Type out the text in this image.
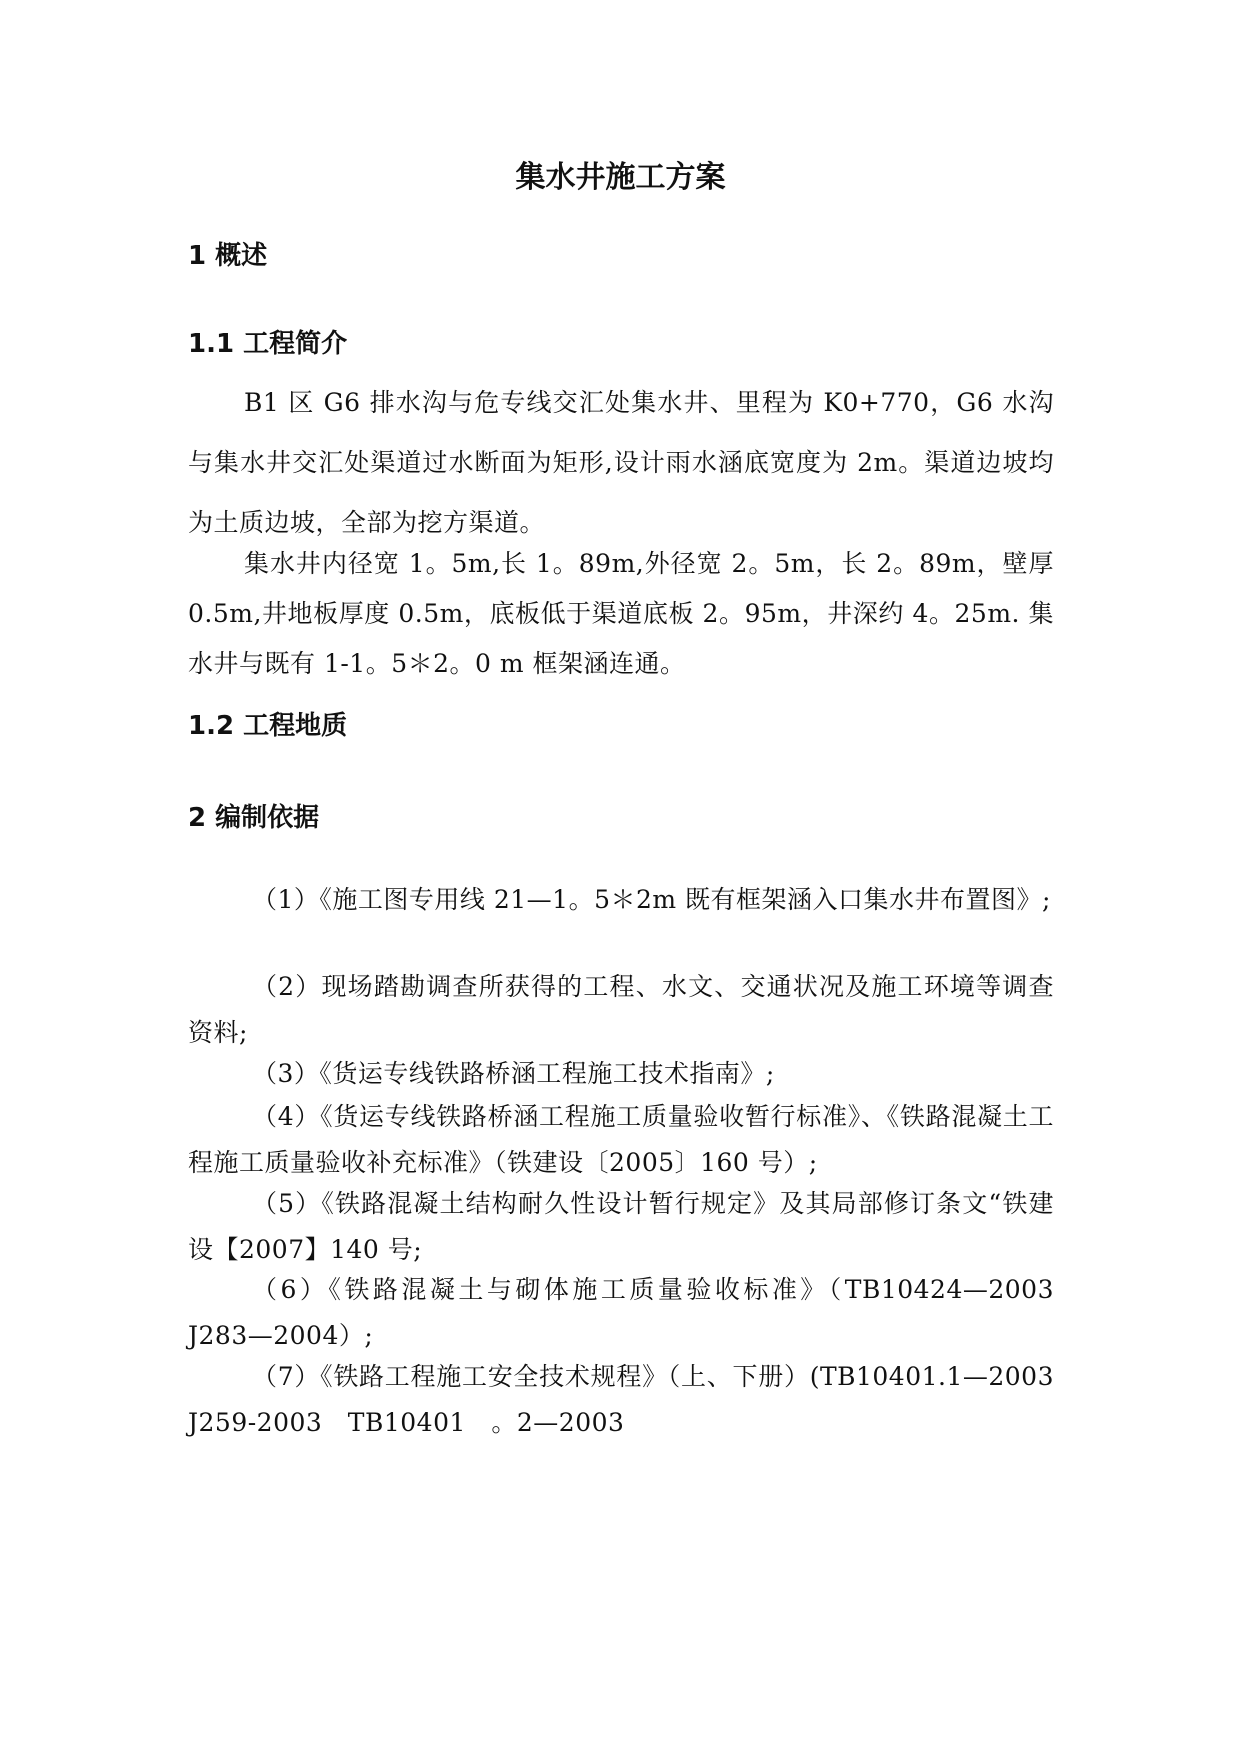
集水井施工方案
1 概述
1.1 工程简介

B1 区 G6 排水沟与危专线交汇处集水井、里程为 K0+770，G6 水沟与集水井交汇处渠道过水断面为矩形,设计雨水涵底宽度为 2m。渠道边坡均为土质边坡，全部为挖方渠道。

集水井内径宽 1。5m,长 1。89m,外径宽 2。5m，长 2。89m，壁厚 0.5m,井地板厚度 0.5m，底板低于渠道底板 2。95m，井深约 4。25m. 集水井与既有 1-1。5＊2。0 m 框架涵连通。

1.2 工程地质
2 编制依据

（1）《施工图专用线 21—1。5＊2m 既有框架涵入口集水井布置图》;

（2）现场踏勘调查所获得的工程、水文、交通状况及施工环境等调查资料;

（3）《货运专线铁路桥涵工程施工技术指南》;

（4）《货运专线铁路桥涵工程施工质量验收暂行标准》、《铁路混凝土工程施工质量验收补充标准》（铁建设〔2005〕160 号）;

（5）《铁路混凝土结构耐久性设计暂行规定》及其局部修订条文“铁建设【2007】140 号;

（6）《铁路混凝土与砌体施工质量验收标准》（TB10424—2003 J283—2004）;

（7）《铁路工程施工安全技术规程》（上、下册）(TB10401.1—2003　　J259-2003　TB10401　。2—2003
